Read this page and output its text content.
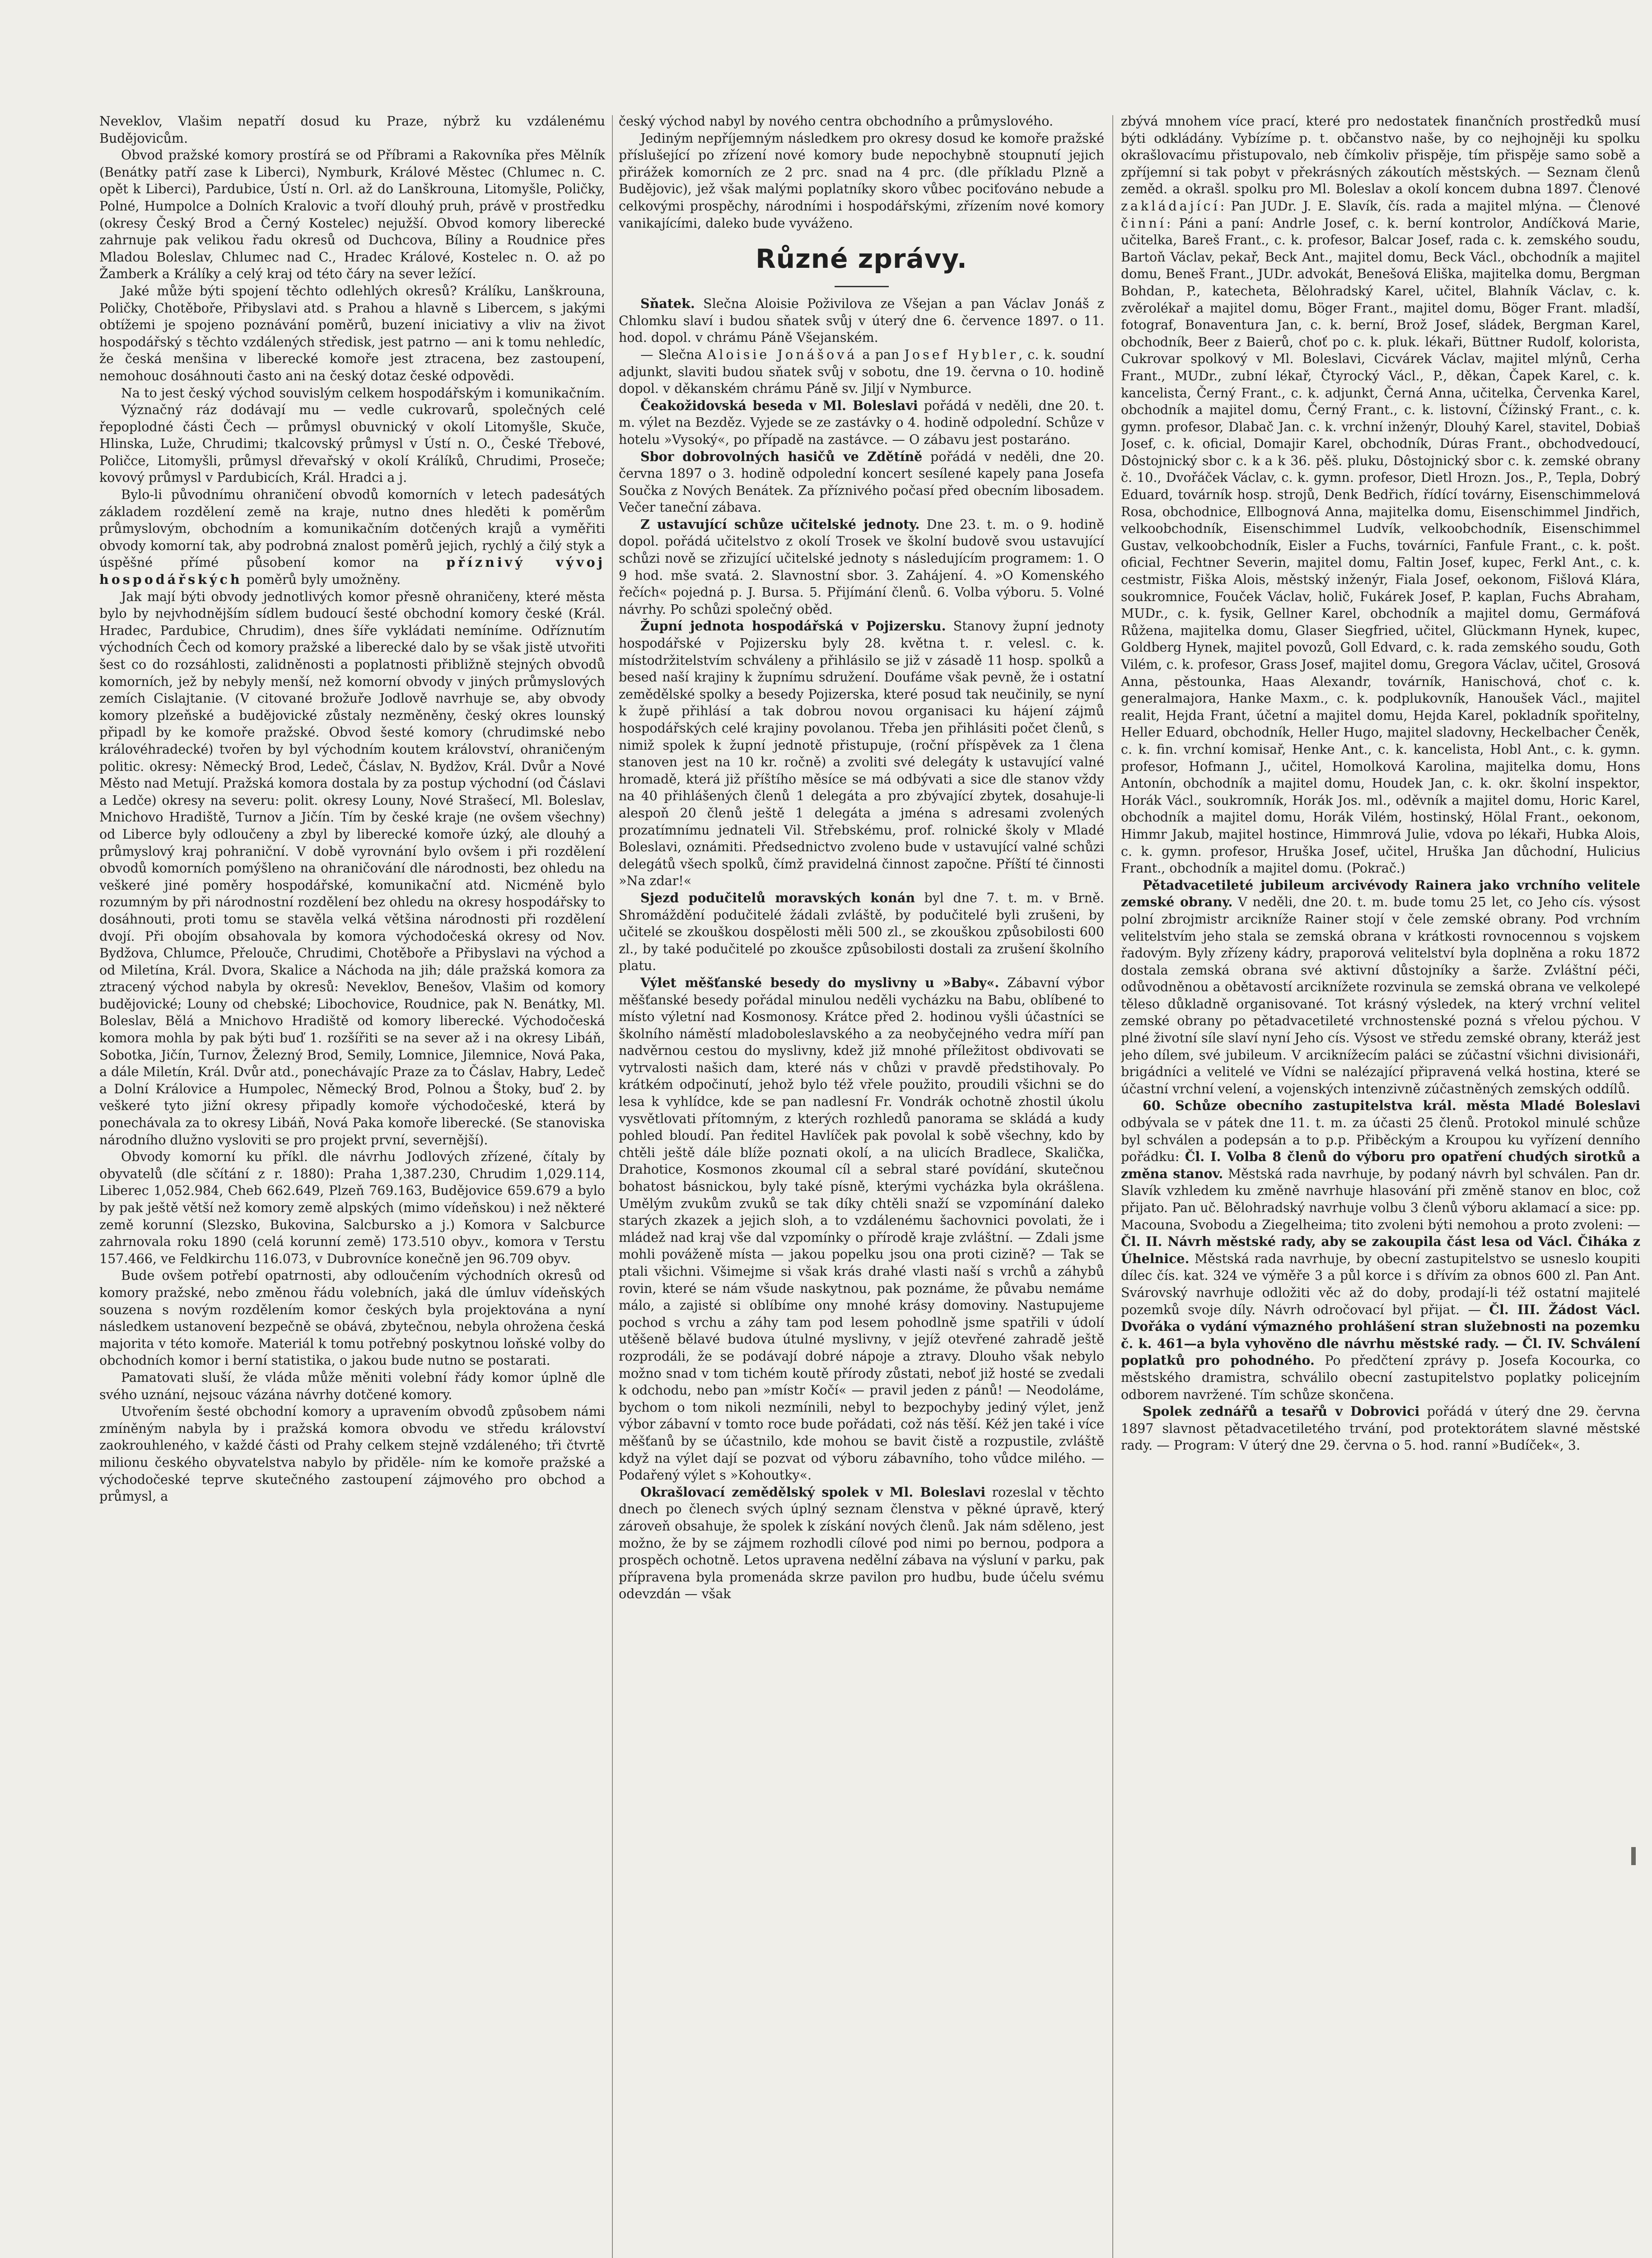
Neveklov, Vlašim nepatří dosud ku Praze, nýbrž ku vzdálenému Budějovicům.

Obvod pražské komory prostírá se od Příbrami a Rakovníka přes Mělník (Benátky patří zase k Liberci), Nymburk, Králové Městec (Chlumec n. C. opět k Liberci), Pardubice, Ústí n. Orl. až do Lanškrouna, Litomyšle, Poličky, Polné, Humpolce a Dolních Kralovic a tvoří dlouhý pruh, právě v prostředku (okresy Český Brod a Černý Kostelec) nejužší. Obvod komory liberecké zahrnuje pak velikou řadu okresů od Duchcova, Bíliny a Roudnice přes Mladou Boleslav, Chlumec nad C., Hradec Králové, Kostelec n. O. až po Žamberk a Králíky a celý kraj od této čáry na sever ležící.

Jaké může býti spojení těchto odlehlých okresů? Králíku, Lanškrouna, Poličky, Chotěboře, Přibyslavi atd. s Prahou a hlavně s Libercem, s jakými obtížemi je spojeno poznávání poměrů, buzení iniciativy a vliv na život hospodářský s těchto vzdálených středisk, jest patrno — ani k tomu nehledíc, že česká menšina v liberecké komoře jest ztracena, bez zastoupení, nemohouc dosáhnouti často ani na český dotaz české odpovědi.

Na to jest český východ souvislým celkem hospodářským i komunikačním.

Význačný ráz dodávají mu — vedle cukrovarů, společných celé řepoplodné části Čech — průmysl obuvnický v okolí Litomyšle, Skuče, Hlinska, Luže, Chrudimi; tkalcovský průmysl v Ústí n. O., České Třebové, Poličce, Litomyšli, průmysl dřevařský v okolí Králíků, Chrudimi, Proseče; kovový průmysl v Pardubicích, Král. Hradci a j.

Bylo-li původnímu ohraničení obvodů komorních v letech padesátých základem rozdělení země na kraje, nutno dnes hleděti k poměrům průmyslovým, obchodním a komunikačním dotčených krajů a vyměřiti obvody komorní tak, aby podrobná znalost poměrů jejich, rychlý a čilý styk a úspěšné přímé působení komor na příznivý vývoj hospodářských poměrů byly umožněny.

Jak mají býti obvody jednotlivých komor přesně ohraničeny, které města bylo by nejvhodnějším sídlem budoucí šesté obchodní komory české (Král. Hradec, Pardubice, Chrudim), dnes šíře vykládati nemíníme. Odříznutím východních Čech od komory pražské a liberecké dalo by se však jistě utvořiti šest co do rozsáhlosti, zalidněnosti a poplatnosti přibližně stejných obvodů komorních, jež by nebyly menší, než komorní obvody v jiných průmyslových zemích Cislajtanie. (V citované brožuře Jodlově navrhuje se, aby obvody komory plzeňské a budějovické zůstaly nezměněny, český okres lounský připadl by ke komoře pražské. Obvod šesté komory (chrudimské nebo královéhradecké) tvořen by byl východním koutem království, ohraničeným politic. okresy: Německý Brod, Ledeč, Čáslav, N. Bydžov, Král. Dvůr a Nové Město nad Metují. Pražská komora dostala by za postup východní (od Čáslavi a Ledče) okresy na severu: polit. okresy Louny, Nové Strašecí, Ml. Boleslav, Mnichovo Hradiště, Turnov a Jičín. Tím by české kraje (ne ovšem všechny) od Liberce byly odloučeny a zbyl by liberecké komoře úzký, ale dlouhý a průmyslový kraj pohraniční. V době vyrovnání bylo ovšem i při rozdělení obvodů komorních pomýšleno na ohraničování dle národnosti, bez ohledu na veškeré jiné poměry hospodářské, komunikační atd. Nicméně bylo rozumným by při národnostní rozdělení bez ohledu na okresy hospodářsky to dosáhnouti, proti tomu se stavěla velká většina národnosti při rozdělení dvojí. Při obojím obsahovala by komora východočeská okresy od Nov. Bydžova, Chlumce, Přelouče, Chrudimi, Chotěboře a Přibyslavi na východ a od Miletína, Král. Dvora, Skalice a Náchoda na jih; dále pražská komora za ztracený východ nabyla by okresů: Neveklov, Benešov, Vlašim od komory budějovické; Louny od chebské; Libochovice, Roudnice, pak N. Benátky, Ml. Boleslav, Bělá a Mnichovo Hradiště od komory liberecké. Východočeská komora mohla by pak býti buď 1. rozšířiti se na sever až i na okresy Libáň, Sobotka, Jičín, Turnov, Železný Brod, Semily, Lomnice, Jilemnice, Nová Paka, a dále Miletín, Král. Dvůr atd., ponechávajíc Praze za to Čáslav, Habry, Ledeč a Dolní Královice a Humpolec, Německý Brod, Polnou a Štoky, buď 2. by veškeré tyto jižní okresy připadly komoře východočeské, která by ponechávala za to okresy Libáň, Nová Paka komoře liberecké. (Se stanoviska národního dlužno vysloviti se pro projekt první, severnější).

Obvody komorní ku příkl. dle návrhu Jodlových zřízené, čítaly by obyvatelů (dle sčítání z r. 1880): Praha 1,387.230, Chrudim 1,029.114, Liberec 1,052.984, Cheb 662.649, Plzeň 769.163, Budějovice 659.679 a bylo by pak ještě větší než komory země alpských (mimo vídeňskou) i než některé země korunní (Slezsko, Bukovina, Salcbursko a j.) Komora v Salcburce zahrnovala roku 1890 (celá korunní země) 173.510 obyv., komora v Terstu 157.466, ve Feldkirchu 116.073, v Dubrovníce konečně jen 96.709 obyv.

Bude ovšem potřebí opatrnosti, aby odloučením východních okresů od komory pražské, nebo změnou řádu volebních, jaká dle úmluv vídeňských souzena s novým rozdělením komor českých byla projektována a nyní následkem ustanovení bezpečně se obává, zbytečnou, nebyla ohrožena česká majorita v této komoře. Materiál k tomu potřebný poskytnou loňské volby do obchodních komor i berní statistika, o jakou bude nutno se postarati.

Pamatovati sluší, že vláda může měniti volební řády komor úplně dle svého uznání, nejsouc vázána návrhy dotčené komory.

Utvořením šesté obchodní komory a upravením obvodů způsobem námi zmíněným nabyla by i pražská komora obvodu ve středu království zaokrouhleného, v každé části od Prahy celkem stejně vzdáleného; tři čtvrtě milionu českého obyvatelstva nabylo by přiděle- ním ke komoře pražské a východočeské teprve skutečného zastoupení zájmového pro obchod a průmysl, a

český východ nabyl by nového centra obchodního a průmyslového.

Jediným nepříjemným následkem pro okresy dosud ke komoře pražské příslušející po zřízení nové komory bude nepochybně stoupnutí jejich přirážek komorních ze 2 prc. snad na 4 prc. (dle příkladu Plzně a Budějovic), jež však malými poplatníky skoro vůbec pociťováno nebude a celkovými prospěchy, národními i hospodářskými, zřízením nové komory vanikajícími, daleko bude vyváženo.

Různé zprávy.

Sňatek. Slečna Aloisie Poživilova ze Všejan a pan Václav Jonáš z Chlomku slaví i budou sňatek svůj v úterý dne 6. července 1897. o 11. hod. dopol. v chrámu Páně Všejanském.

— Slečna Aloisie Jonášová a pan Josef Hybler, c. k. soudní adjunkt, slaviti budou sňatek svůj v sobotu, dne 19. června o 10. hodině dopol. v děkanském chrámu Páně sv. Jiljí v Nymburce.

Čeakožidovská beseda v Ml. Boleslavi pořádá v neděli, dne 20. t. m. výlet na Bezděz. Vyjede se ze zastávky o 4. hodině odpolední. Schůze v hotelu »Vysoký«, po případě na zastávce. — O zábavu jest postaráno.

Sbor dobrovolných hasičů ve Zdětíně pořádá v neděli, dne 20. června 1897 o 3. hodině odpolední koncert sesílené kapely pana Josefa Součka z Nových Benátek. Za příznivého počasí před obecním libosadem. Večer taneční zábava.

Z ustavující schůze učitelské jednoty. Dne 23. t. m. o 9. hodině dopol. pořádá učitelstvo z okolí Trosek ve školní budově svou ustavující schůzi nově se zřizující učitelské jednoty s následujícím programem: 1. O 9 hod. mše svatá. 2. Slavnostní sbor. 3. Zahájení. 4. »O Komenského řečích« pojedná p. J. Bursa. 5. Přijímání členů. 6. Volba výboru. 5. Volné návrhy. Po schůzi společný oběd.

Župní jednota hospodářská v Pojizersku. Stanovy župní jednoty hospodářské v Pojizersku byly 28. května t. r. velesl. c. k. místodržitelstvím schváleny a přihlásilo se již v zásadě 11 hosp. spolků a besed naší krajiny k župnímu sdružení. Doufáme však pevně, že i ostatní zemědělské spolky a besedy Pojizerska, které posud tak neučinily, se nyní k župě přihlásí a tak dobrou novou organisaci ku hájení zájmů hospodářských celé krajiny povolanou. Třeba jen přihlásiti počet členů, s nimiž spolek k župní jednotě přistupuje, (roční příspěvek za 1 člena stanoven jest na 10 kr. ročně) a zvoliti své delegáty k ustavující valné hromadě, která již příštího měsíce se má odbývati a sice dle stanov vždy na 40 přihlášených členů 1 delegáta a pro zbývající zbytek, dosahuje-li alespoň 20 členů ještě 1 delegáta a jména s adresami zvolených prozatímnímu jednateli Vil. Střebskému, prof. rolnické školy v Mladé Boleslavi, oznámiti. Předsednictvo zvoleno bude v ustavující valné schůzi delegátů všech spolků, čímž pravidelná činnost započne. Příští té činnosti »Na zdar!«

Sjezd podučitelů moravských konán byl dne 7. t. m. v Brně. Shromáždění podučitelé žádali zvláště, by podučitelé byli zrušeni, by učitelé se zkouškou dospělosti měli 500 zl., se zkouškou způsobilosti 600 zl., by také podučitelé po zkoušce způsobilosti dostali za zrušení školního platu.

Výlet měšťanské besedy do myslivny u »Baby«. Zábavní výbor měšťanské besedy pořádal minulou neděli vycházku na Babu, oblíbené to místo výletní nad Kosmonosy. Krátce před 2. hodinou vyšli účastníci se školního náměstí mladoboleslavského a za neobyčejného vedra míří pan nadvěrnou cestou do myslivny, kdež již mnohé příležitost obdivovati se vytrvalosti našich dam, které nás v chůzi v pravdě předstihovaly. Po krátkém odpočinutí, jehož bylo též vřele použito, proudili všichni se do lesa k vyhlídce, kde se pan nadlesní Fr. Vondrák ochotně zhostil úkolu vysvětlovati přítomným, z kterých rozhledů panorama se skládá a kudy pohled bloudí. Pan ředitel Havlíček pak povolal k sobě všechny, kdo by chtěli ještě dále blíže poznati okolí, a na ulicích Bradlece, Skalička, Drahotice, Kosmonos zkoumal cíl a sebral staré povídání, skutečnou bohatost básnickou, byly také písně, kterými vycházka byla okrášlena. Umělým zvukům zvuků se tak díky chtěli snaží se vzpomínání daleko starých zkazek a jejich sloh, a to vzdálenému šachovnici povolati, že i mládež nad kraj vše dal vzpomínky o přírodě kraje zvláštní. — Zdali jsme mohli pováženě místa — jakou popelku jsou ona proti cizině? — Tak se ptali všichni. Všimejme si však krás drahé vlasti naší s vrchů a záhybů rovin, které se nám všude naskytnou, pak poznáme, že půvabu nemáme málo, a zajisté si oblíbíme ony mnohé krásy domoviny. Nastupujeme pochod s vrchu a záhy tam pod lesem pohodlně jsme spatřili v údolí utěšeně bělavé budova útulné myslivny, v jejíž otevřené zahradě ještě rozprodáli, že se podávají dobré nápoje a ztravy. Dlouho však nebylo možno snad v tom tichém koutě přírody zůstati, neboť již hosté se zvedali k odchodu, nebo pan »místr Kočí« — pravil jeden z pánů! — Neodoláme, bychom o tom nikoli nezmínili, nebyl to bezpochyby jediný výlet, jenž výbor zábavní v tomto roce bude pořádati, což nás těší. Kéž jen také i více měšťanů by se účastnilo, kde mohou se bavit čistě a rozpustile, zvláště když na výlet dají se pozvat od výboru zábavního, toho vůdce milého. — Podařený výlet s »Kohoutky«.

Okrašlovací zemědělský spolek v Ml. Boleslavi rozeslal v těchto dnech po členech svých úplný seznam členstva v pěkné úpravě, který zároveň obsahuje, že spolek k získání nových členů. Jak nám sděleno, jest možno, že by se zájmem rozhodli cílové pod nimi po bernou, podpora a prospěch ochotně. Letos upravena nedělní zábava na výsluní v parku, pak přípravena byla promenáda skrze pavilon pro hudbu, bude účelu svému odevzdán — však

zbývá mnohem více prací, které pro nedostatek finančních prostředků musí býti odkládány. Vybízíme p. t. občanstvo naše, by co nejhojněji ku spolku okrašlovacímu přistupovalo, neb čímkoliv přispěje, tím přispěje samo sobě a zpříjemní si tak pobyt v překrásných zákoutích městských. — Seznam členů zeměd. a okrašl. spolku pro Ml. Boleslav a okolí koncem dubna 1897. Členové zakládající: Pan JUDr. J. E. Slavík, čís. rada a majitel mlýna. — Členové činní: Páni a paní: Andrle Josef, c. k. berní kontrolor, Andíčková Marie, učitelka, Bareš Frant., c. k. profesor, Balcar Josef, rada c. k. zemského soudu, Bartoň Václav, pekař, Beck Ant., majitel domu, Beck Václ., obchodník a majitel domu, Beneš Frant., JUDr. advokát, Benešová Eliška, majitelka domu, Bergman Bohdan, P., katecheta, Bělohradský Karel, učitel, Blahník Václav, c. k. zvěrolékař a majitel domu, Böger Frant., majitel domu, Böger Frant. mladší, fotograf, Bonaventura Jan, c. k. berní, Brož Josef, sládek, Bergman Karel, obchodník, Beer z Baierů, choť po c. k. pluk. lékaři, Büttner Rudolf, koloristа, Cukrovar spolkový v Ml. Boleslavi, Cicvárek Václav, majitel mlýnů, Cerha Frant., MUDr., zubní lékař, Čtyrocký Václ., P., děkan, Čapek Karel, c. k. kancelista, Černý Frant., c. k. adjunkt, Černá Anna, učitelka, Červenka Karel, obchodník a majitel domu, Černý Frant., c. k. listovní, Čížinský Frant., c. k. gymn. profesor, Dlabač Jan. c. k. vrchní inženýr, Dlouhý Karel, stavitel, Dobiaš Josef, c. k. oficial, Domajir Karel, obchodník, Dúras Frant., obchodvedoucí, Dôstojnický sbor c. k a k 36. pěš. pluku, Dôstojnický sbor c. k. zemské obrany č. 10., Dvořáček Václav, c. k. gymn. profesor, Dietl Hrozn. Jos., P., Tepla, Dobrý Eduard, továrník hosp. strojů, Denk Bedřich, řídící továrny, Eisenschimmelová Rosa, obchodnice, Ellbognová Anna, majitelka domu, Eisenschimmel Jindřich, velkoobchodník, Eisenschimmel Ludvík, velkoobchodník, Eisenschimmel Gustav, velkoobchodník, Eisler a Fuchs, továrníci, Fanfule Frant., c. k. pošt. oficial, Fechtner Severin, majitel domu, Faltin Josef, kupec, Ferkl Ant., c. k. cestmistr, Fiška Alois, městský inženýr, Fiala Josef, oekonom, Fišlová Klára, soukromnice, Fouček Václav, holič, Fukárek Josef, P. kaplan, Fuchs Abraham, MUDr., c. k. fysik, Gellner Karel, obchodník a majitel domu, Germáfová Růžena, majitelka domu, Glaser Siegfried, učitel, Glückmann Hynek, kupec, Goldberg Hynek, majitel povozů, Goll Edvard, c. k. rada zemského soudu, Goth Vilém, c. k. profesor, Grass Josef, majitel domu, Gregora Václav, učitel, Grosová Anna, pěstounka, Haas Alexandr, továrník, Hanischová, choť c. k. generalmajora, Hanke Maxm., c. k. podplukovník, Hanoušek Václ., majitel realit, Hejda Frant, účetní a majitel domu, Hejda Karel, pokladník spořitelny, Heller Eduard, obchodník, Heller Hugo, majitel sladovny, Heckelbacher Čeněk, c. k. fin. vrchní komisař, Henke Ant., c. k. kancelista, Hobl Ant., c. k. gymn. profesor, Hofmann J., učitel, Homolková Karolina, majitelka domu, Hons Antonín, obchodník a majitel domu, Houdek Jan, c. k. okr. školní inspektor, Horák Václ., soukromník, Horák Jos. ml., oděvník a majitel domu, Horic Karel, obchodník a majitel domu, Horák Vilém, hostinský, Hölal Frant., oekonom, Himmr Jakub, majitel hostince, Himmrová Julie, vdova po lékaři, Hubka Alois, c. k. gymn. profesor, Hruška Josef, učitel, Hruška Jan důchodní, Hulicius Frant., obchodník a majitel domu. (Pokrač.)

Pětadvacetileté jubileum arcivévody Rainera jako vrchního velitele zemské obrany. V neděli, dne 20. t. m. bude tomu 25 let, co Jeho cís. výsost polní zbrojmistr arcikníže Rainer stojí v čele zemské obrany. Pod vrchním velitelstvím jeho stala se zemská obrana v krátkosti rovnocennou s vojskem řadovým. Byly zřízeny kádry, praporová velitelství byla doplněna a roku 1872 dostala zemská obrana své aktivní důstojníky a šarže. Zvláštní péči, odůvodněnou a obětavostí arciknížete rozvinula se zemská obrana ve velkolepé těleso důkladně organisované. Tot krásný výsledek, na který vrchní velitel zemské obrany po pětadvacetileté vrchnostenské pozná s vřelou pýchou. V plné životní síle slaví nyní Jeho cís. Výsost ve středu zemské obrany, kteráž jest jeho dílem, své jubileum. V arciknížecím paláci se zúčastní všichni divisionáři, brigádníci a velitelé ve Vídni se nalézající připravená velká hostina, které se účastní vrchní velení, a vojenských intenzivně zúčastněných zemských oddílů.

60. Schůze obecního zastupitelstva král. města Mladé Boleslavi odbývala se v pátek dne 11. t. m. za účasti 25 členů. Protokol minulé schůze byl schválen a podepsán a to p.p. Přiběckým a Kroupou ku vyřízení denního pořádku: Čl. I. Volba 8 členů do výboru pro opatření chudých sirotků a změna stanov. Městská rada navrhuje, by podaný návrh byl schválen. Pan dr. Slavík vzhledem ku změně navrhuje hlasování při změně stanov en bloc, což přijato. Pan uč. Bělohradský navrhuje volbu 3 členů výboru aklamací a sice: pp. Macouna, Svobodu a Ziegelheima; tito zvoleni býti nemohou a proto zvoleni: — Čl. II. Návrh městské rady, aby se zakoupila část lesa od Václ. Čiháka z Úhelnice. Městská rada navrhuje, by obecní zastupitelstvo se usneslo koupiti dílec čís. kat. 324 ve výměře 3 a půl korce i s dřívím za obnos 600 zl. Pan Ant. Svárovský navrhuje odložiti věc až do doby, prodají-li též ostatní majitelé pozemků svoje díly. Návrh odročovací byl přijat. — Čl. III. Žádost Václ. Dvořáka o vydání výmazného prohlášení stran služebnosti na pozemku č. k. 461—a byla vyhověno dle návrhu městské rady. — Čl. IV. Schválení poplatků pro pohodného. Po předčtení zprávy p. Josefa Kocourka, co městského dramistra, schválilo obecní zastupitelstvo poplatky policejním odborem navržené. Tím schůze skončena.

Spolek zednářů a tesařů v Dobrovici pořádá v úterý dne 29. června 1897 slavnost pětadvacetiletého trvání, pod protektorátem slavné městské rady. — Program: V úterý dne 29. června o 5. hod. ranní »Budíček«, 3.
